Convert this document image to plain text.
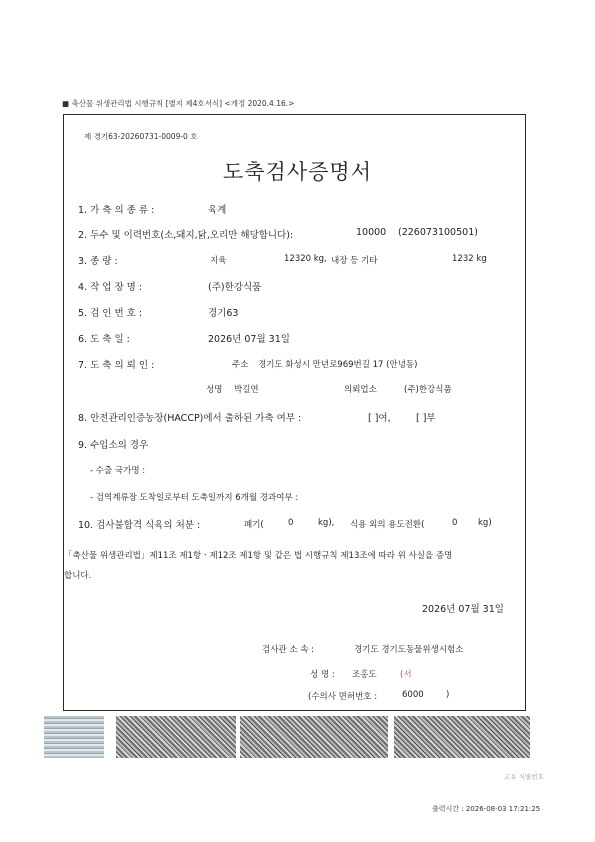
■ 축산물 위생관리법 시행규칙 [별지 제4호서식] <개정 2020.4.16.>
제 경기63-20260731-0009-0 호
도축검사증명서
1. 가 축 의 종 류 :	육계
2. 두수 및 이력번호(소,돼지,닭,오리만 해당합니다):	10000 (226073100501)
3. 종 량 :	지육	12320 kg, 내장 등 기타	1232 kg
4. 작 업 장 명 :	(주)한강식품
5. 검 인 번 호 :	경기63
6. 도 축 일 :	2026년 07월 31일
7. 도 축 의 뢰 인 :	주소 경기도 화성시 만년로969번길 17 (안녕동)
성명 박길연	의뢰업소	(주)한강식품
8. 안전관리인증농장(HACCP)에서 출하된 가축 여부 :	[ ]여,	[ ]부
9. 수입소의 경우
- 수출 국가명 :
- 검역계류장 도착일로부터 도축일까지 6개월 경과여부 :
10. 검사불합격 식육의 처분 :	폐기(	0	kg), 식용 외의 용도전환(	0 kg)
「축산물 위생관리법」제11조 제1항ㆍ제12조 제1항 및 같은 법 시행규칙 제13조에 따라 위 사실을 증명
합니다.
2026년 07월 31일
검사관 소 속 :	경기도 경기도동물위생시험소
성 명 : 조홍도	(서
(수의사 면허번호 :	6000	)
고유 식별번호
출력시간 : 2026-08-03 17:21:25
